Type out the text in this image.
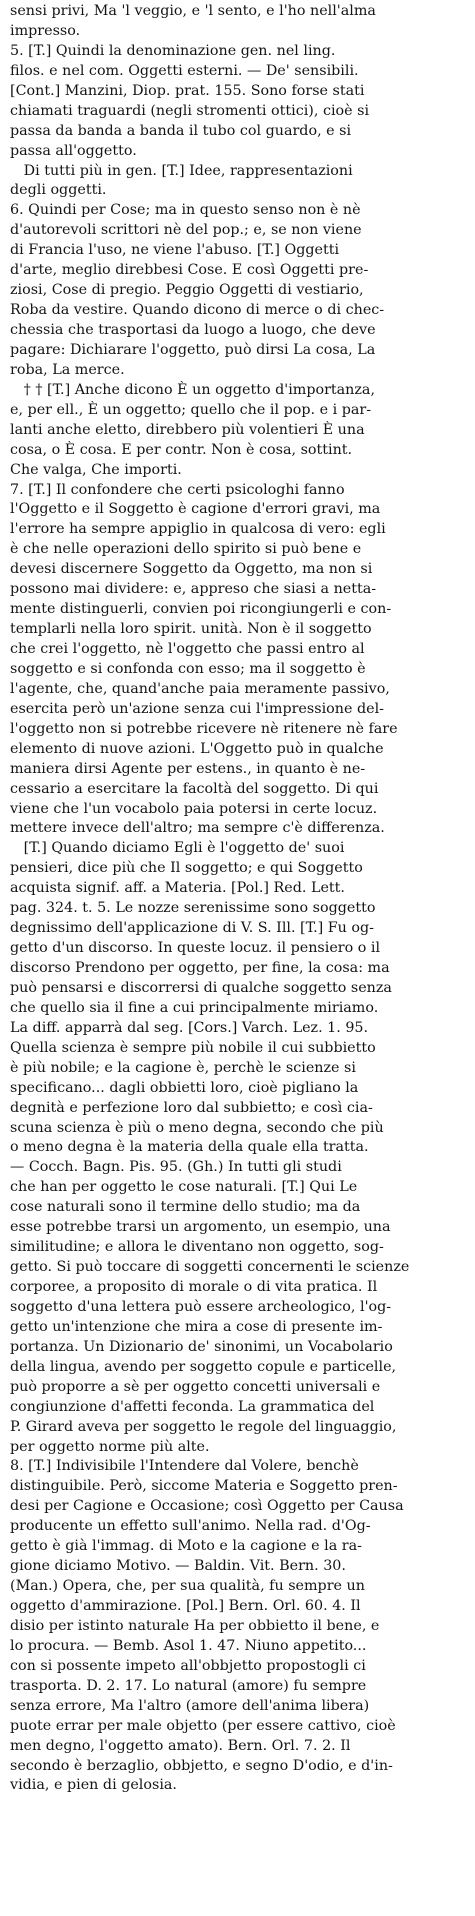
sensi privi, Ma 'l veggio, e 'l sento, e l'ho nell'alma
impresso.
5. [T.] Quindi la denominazione gen. nel ling.
filos. e nel com. Oggetti esterni. — De' sensibili.
[Cont.] Manzini, Diop. prat. 155. Sono forse stati
chiamati traguardi (negli stromenti ottici), cioè si
passa da banda a banda il tubo col guardo, e si
passa all'oggetto.
Di tutti più in gen. [T.] Idee, rappresentazioni
degli oggetti.
6. Quindi per Cose; ma in questo senso non è nè
d'autorevoli scrittori nè del pop.; e, se non viene
di Francia l'uso, ne viene l'abuso. [T.] Oggetti
d'arte, meglio direbbesi Cose. E così Oggetti pre-
ziosi, Cose di pregio. Peggio Oggetti di vestiario,
Roba da vestire. Quando dicono di merce o di chec-
chessia che trasportasi da luogo a luogo, che deve
pagare: Dichiarare l'oggetto, può dirsi La cosa, La
roba, La merce.
† † [T.] Anche dicono È un oggetto d'importanza,
e, per ell., È un oggetto; quello che il pop. e i par-
lanti anche eletto, direbbero più volentieri È una
cosa, o È cosa. E per contr. Non è cosa, sottint.
Che valga, Che importi.
7. [T.] Il confondere che certi psicologhi fanno
l'Oggetto e il Soggetto è cagione d'errori gravi, ma
l'errore ha sempre appiglio in qualcosa di vero: egli
è che nelle operazioni dello spirito si può bene e
devesi discernere Soggetto da Oggetto, ma non si
possono mai dividere: e, appreso che siasi a netta-
mente distinguerli, convien poi ricongiungerli e con-
templarli nella loro spirit. unità. Non è il soggetto
che crei l'oggetto, nè l'oggetto che passi entro al
soggetto e si confonda con esso; ma il soggetto è
l'agente, che, quand'anche paia meramente passivo,
esercita però un'azione senza cui l'impressione del-
l'oggetto non si potrebbe ricevere nè ritenere nè fare
elemento di nuove azioni. L'Oggetto può in qualche
maniera dirsi Agente per estens., in quanto è ne-
cessario a esercitare la facoltà del soggetto. Di qui
viene che l'un vocabolo paia potersi in certe locuz.
mettere invece dell'altro; ma sempre c'è differenza.
[T.] Quando diciamo Egli è l'oggetto de' suoi
pensieri, dice più che Il soggetto; e qui Soggetto
acquista signif. aff. a Materia. [Pol.] Red. Lett.
pag. 324. t. 5. Le nozze serenissime sono soggetto
degnissimo dell'applicazione di V. S. Ill. [T.] Fu og-
getto d'un discorso. In queste locuz. il pensiero o il
discorso Prendono per oggetto, per fine, la cosa: ma
può pensarsi e discorrersi di qualche soggetto senza
che quello sia il fine a cui principalmente miriamo.
La diff. apparrà dal seg. [Cors.] Varch. Lez. 1. 95.
Quella scienza è sempre più nobile il cui subbietto
è più nobile; e la cagione è, perchè le scienze si
specificano... dagli obbietti loro, cioè pigliano la
degnità e perfezione loro dal subbietto; e così cia-
scuna scienza è più o meno degna, secondo che più
o meno degna è la materia della quale ella tratta.
— Cocch. Bagn. Pis. 95. (Gh.) In tutti gli studi
che han per oggetto le cose naturali. [T.] Qui Le
cose naturali sono il termine dello studio; ma da
esse potrebbe trarsi un argomento, un esempio, una
similitudine; e allora le diventano non oggetto, sog-
getto. Si può toccare di soggetti concernenti le scienze
corporee, a proposito di morale o di vita pratica. Il
soggetto d'una lettera può essere archeologico, l'og-
getto un'intenzione che mira a cose di presente im-
portanza. Un Dizionario de' sinonimi, un Vocabolario
della lingua, avendo per soggetto copule e particelle,
può proporre a sè per oggetto concetti universali e
congiunzione d'affetti feconda. La grammatica del
P. Girard aveva per soggetto le regole del linguaggio,
per oggetto norme più alte.
8. [T.] Indivisibile l'Intendere dal Volere, benchè
distinguibile. Però, siccome Materia e Soggetto pren-
desi per Cagione e Occasione; così Oggetto per Causa
producente un effetto sull'animo. Nella rad. d'Og-
getto è già l'immag. di Moto e la cagione e la ra-
gione diciamo Motivo. — Baldin. Vit. Bern. 30.
(Man.) Opera, che, per sua qualità, fu sempre un
oggetto d'ammirazione. [Pol.] Bern. Orl. 60. 4. Il
disio per istinto naturale Ha per obbietto il bene, e
lo procura. — Bemb. Asol 1. 47. Niuno appetito...
con si possente impeto all'obbjetto propostogli ci
trasporta. D. 2. 17. Lo natural (amore) fu sempre
senza errore, Ma l'altro (amore dell'anima libera)
puote errar per male objetto (per essere cattivo, cioè
men degno, l'oggetto amato). Bern. Orl. 7. 2. Il
secondo è berzaglio, obbjetto, e segno D'odio, e d'in-
vidia, e pien di gelosia.
